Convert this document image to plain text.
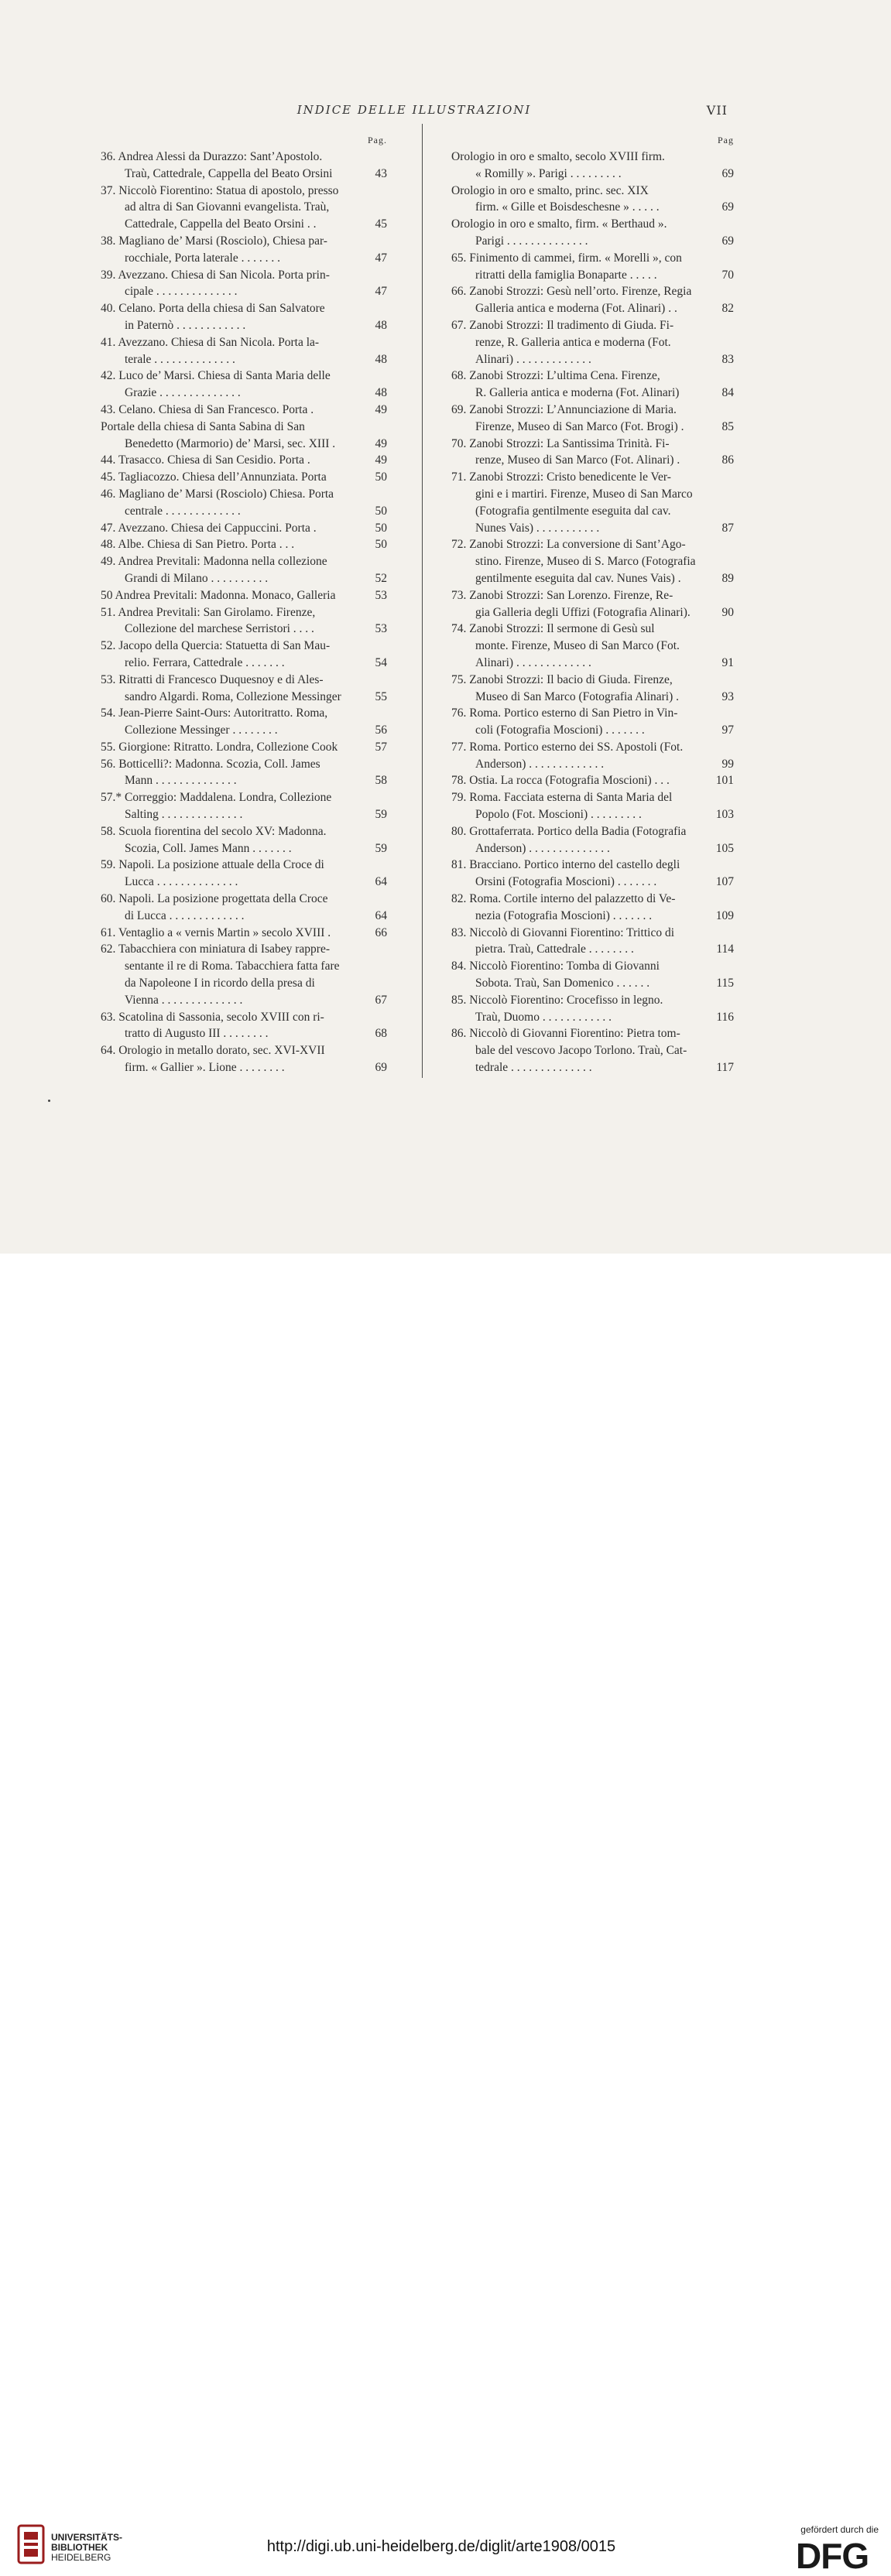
INDICE DELLE ILLUSTRAZIONI	VII
Pag.
36. Andrea Alessi da Durazzo: Sant’Apostolo.
Traù, Cattedrale, Cappella del Beato Orsini	43
37. Niccolò Fiorentino: Statua di apostolo, presso
ad altra di San Giovanni evangelista. Traù,
Cattedrale, Cappella del Beato Orsini . .	45
38. Magliano de’ Marsi (Rosciolo), Chiesa par-
rocchiale, Porta laterale . . . . . . .	47
39. Avezzano. Chiesa di San Nicola. Porta prin-
cipale . . . . . . . . . . . . . .	47
40. Celano. Porta della chiesa di San Salvatore
in Paternò . . . . . . . . . . . .	48
41. Avezzano. Chiesa di San Nicola. Porta la-
terale . . . . . . . . . . . . . .	48
42. Luco de’ Marsi. Chiesa di Santa Maria delle
Grazie . . . . . . . . . . . . . .	48
43. Celano. Chiesa di San Francesco. Porta .	49
Portale della chiesa di Santa Sabina di San
Benedetto (Marmorio) de’ Marsi, sec. XIII .	49
44. Trasacco. Chiesa di San Cesidio. Porta .	49
45. Tagliacozzo. Chiesa dell’Annunziata. Porta	50
46. Magliano de’ Marsi (Rosciolo) Chiesa. Porta
centrale . . . . . . . . . . . . .	50
47. Avezzano. Chiesa dei Cappuccini. Porta .	50
48. Albe. Chiesa di San Pietro. Porta . . .	50
49. Andrea Previtali: Madonna nella collezione
Grandi di Milano . . . . . . . . . .	52
50 Andrea Previtali: Madonna. Monaco, Galleria	53
51. Andrea Previtali: San Girolamo. Firenze,
Collezione del marchese Serristori . . . .	53
52. Jacopo della Quercia: Statuetta di San Mau-
relio. Ferrara, Cattedrale . . . . . . .	54
53. Ritratti di Francesco Duquesnoy e di Ales-
sandro Algardi. Roma, Collezione Messinger	55
54. Jean-Pierre Saint-Ours: Autoritratto. Roma,
Collezione Messinger . . . . . . . .	56
55. Giorgione: Ritratto. Londra, Collezione Cook	57
56. Botticelli?: Madonna. Scozia, Coll. James
Mann . . . . . . . . . . . . . .	58
57.* Correggio: Maddalena. Londra, Collezione
Salting . . . . . . . . . . . . . .	59
58. Scuola fiorentina del secolo XV: Madonna.
Scozia, Coll. James Mann . . . . . . .	59
59. Napoli. La posizione attuale della Croce di
Lucca . . . . . . . . . . . . . .	64
60. Napoli. La posizione progettata della Croce
di Lucca . . . . . . . . . . . . .	64
61. Ventaglio a « vernis Martin » secolo XVIII .	66
62. Tabacchiera con miniatura di Isabey rappre-
sentante il re di Roma. Tabacchiera fatta fare
da Napoleone I in ricordo della presa di
Vienna . . . . . . . . . . . . . .	67
63. Scatolina di Sassonia, secolo XVIII con ri-
tratto di Augusto III . . . . . . . .	68
64. Orologio in metallo dorato, sec. XVI-XVII
firm. « Gallier ». Lione . . . . . . . .	69
Pag
Orologio in oro e smalto, secolo XVIII firm.
« Romilly ». Parigi . . . . . . . . .	69
Orologio in oro e smalto, princ. sec. XIX
firm. « Gille et Boisdeschesne » . . . . .	69
Orologio in oro e smalto, firm. « Berthaud ».
Parigi . . . . . . . . . . . . . .	69
65. Finimento di cammei, firm. « Morelli », con
ritratti della famiglia Bonaparte . . . . .	70
66. Zanobi Strozzi: Gesù nell’orto. Firenze, Regia
Galleria antica e moderna (Fot. Alinari) . .	82
67. Zanobi Strozzi: Il tradimento di Giuda. Fi-
renze, R. Galleria antica e moderna (Fot.
Alinari) . . . . . . . . . . . . .	83
68. Zanobi Strozzi: L’ultima Cena. Firenze,
R. Galleria antica e moderna (Fot. Alinari)	84
69. Zanobi Strozzi: L’Annunciazione di Maria.
Firenze, Museo di San Marco (Fot. Brogi) .	85
70. Zanobi Strozzi: La Santissima Trinità. Fi-
renze, Museo di San Marco (Fot. Alinari) .	86
71. Zanobi Strozzi: Cristo benedicente le Ver-
gini e i martiri. Firenze, Museo di San Marco
(Fotografia gentilmente eseguita dal cav.
Nunes Vais) . . . . . . . . . . .	87
72. Zanobi Strozzi: La conversione di Sant’Ago-
stino. Firenze, Museo di S. Marco (Fotografia
gentilmente eseguita dal cav. Nunes Vais) .	89
73. Zanobi Strozzi: San Lorenzo. Firenze, Re-
gia Galleria degli Uffizi (Fotografia Alinari).	90
74. Zanobi Strozzi: Il sermone di Gesù sul
monte. Firenze, Museo di San Marco (Fot.
Alinari) . . . . . . . . . . . . .	91
75. Zanobi Strozzi: Il bacio di Giuda. Firenze,
Museo di San Marco (Fotografia Alinari) .	93
76. Roma. Portico esterno di San Pietro in Vin-
coli (Fotografia Moscioni) . . . . . . .	97
77. Roma. Portico esterno dei SS. Apostoli (Fot.
Anderson) . . . . . . . . . . . . .	99
78. Ostia. La rocca (Fotografia Moscioni) . . .	101
79. Roma. Facciata esterna di Santa Maria del
Popolo (Fot. Moscioni) . . . . . . . . .	103
80. Grottaferrata. Portico della Badia (Fotografia
Anderson) . . . . . . . . . . . . . .	105
81. Bracciano. Portico interno del castello degli
Orsini (Fotografia Moscioni) . . . . . . .	107
82. Roma. Cortile interno del palazzetto di Ve-
nezia (Fotografia Moscioni) . . . . . . .	109
83. Niccolò di Giovanni Fiorentino: Trittico di
pietra. Traù, Cattedrale . . . . . . . .	114
84. Niccolò Fiorentino: Tomba di Giovanni
Sobota. Traù, San Domenico . . . . . .	115
85. Niccolò Fiorentino: Crocefisso in legno.
Traù, Duomo . . . . . . . . . . . .	116
86. Niccolò di Giovanni Fiorentino: Pietra tom-
bale del vescovo Jacopo Torlono. Traù, Cat-
tedrale . . . . . . . . . . . . . .	117
UNIVERSITÄTS-
BIBLIOTHEK
HEIDELBERG
http://digi.ub.uni-heidelberg.de/diglit/arte1908/0015
gefördert durch die
DFG
